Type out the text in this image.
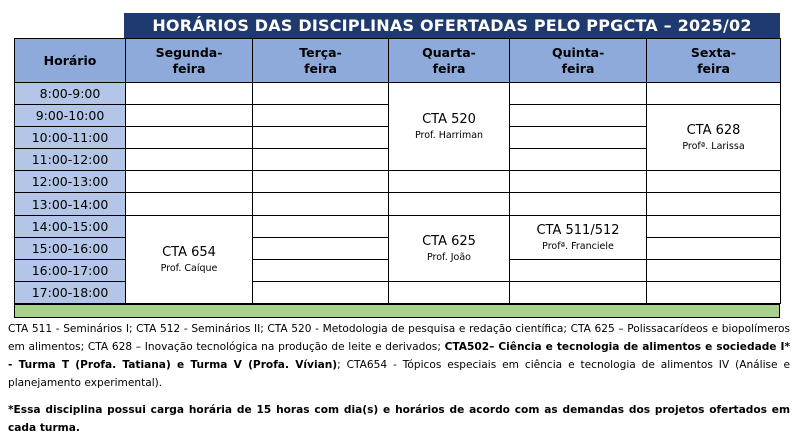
HORÁRIOS DAS DISCIPLINAS OFERTADAS PELO PPGCTA – 2025/02
Horário	Segunda-feira	Terça-feira	Quarta-feira	Quinta-feira	Sexta-feira

8:00-9:00			CTA 520
Prof. Harriman		

9:00-10:00					CTA 628
Profª. Larissa

10:00-11:00					
11:00-12:00					
12:00-13:00					
13:00-14:00					
14:00-15:00	CTA 654
Prof. Caíque		CTA 625
Prof. João	CTA 511/512
Profª. Franciele	

15:00-16:00					
16:00-17:00					
17:00-18:00					
CTA 511 - Seminários I; CTA 512 - Seminários II; CTA 520 - Metodologia de pesquisa e redação científica; CTA 625 – Polissacarídeos e biopolímeros em alimentos; CTA 628 – Inovação tecnológica na produção de leite e derivados; CTA502– Ciência e tecnologia de alimentos e sociedade I* - Turma T (Profa. Tatiana) e Turma V (Profa. Vívian); CTA654 - Tópicos especiais em ciência e tecnologia de alimentos IV (Análise e planejamento experimental).
*Essa disciplina possui carga horária de 15 horas com dia(s) e horários de acordo com as demandas dos projetos ofertados em cada turma.
